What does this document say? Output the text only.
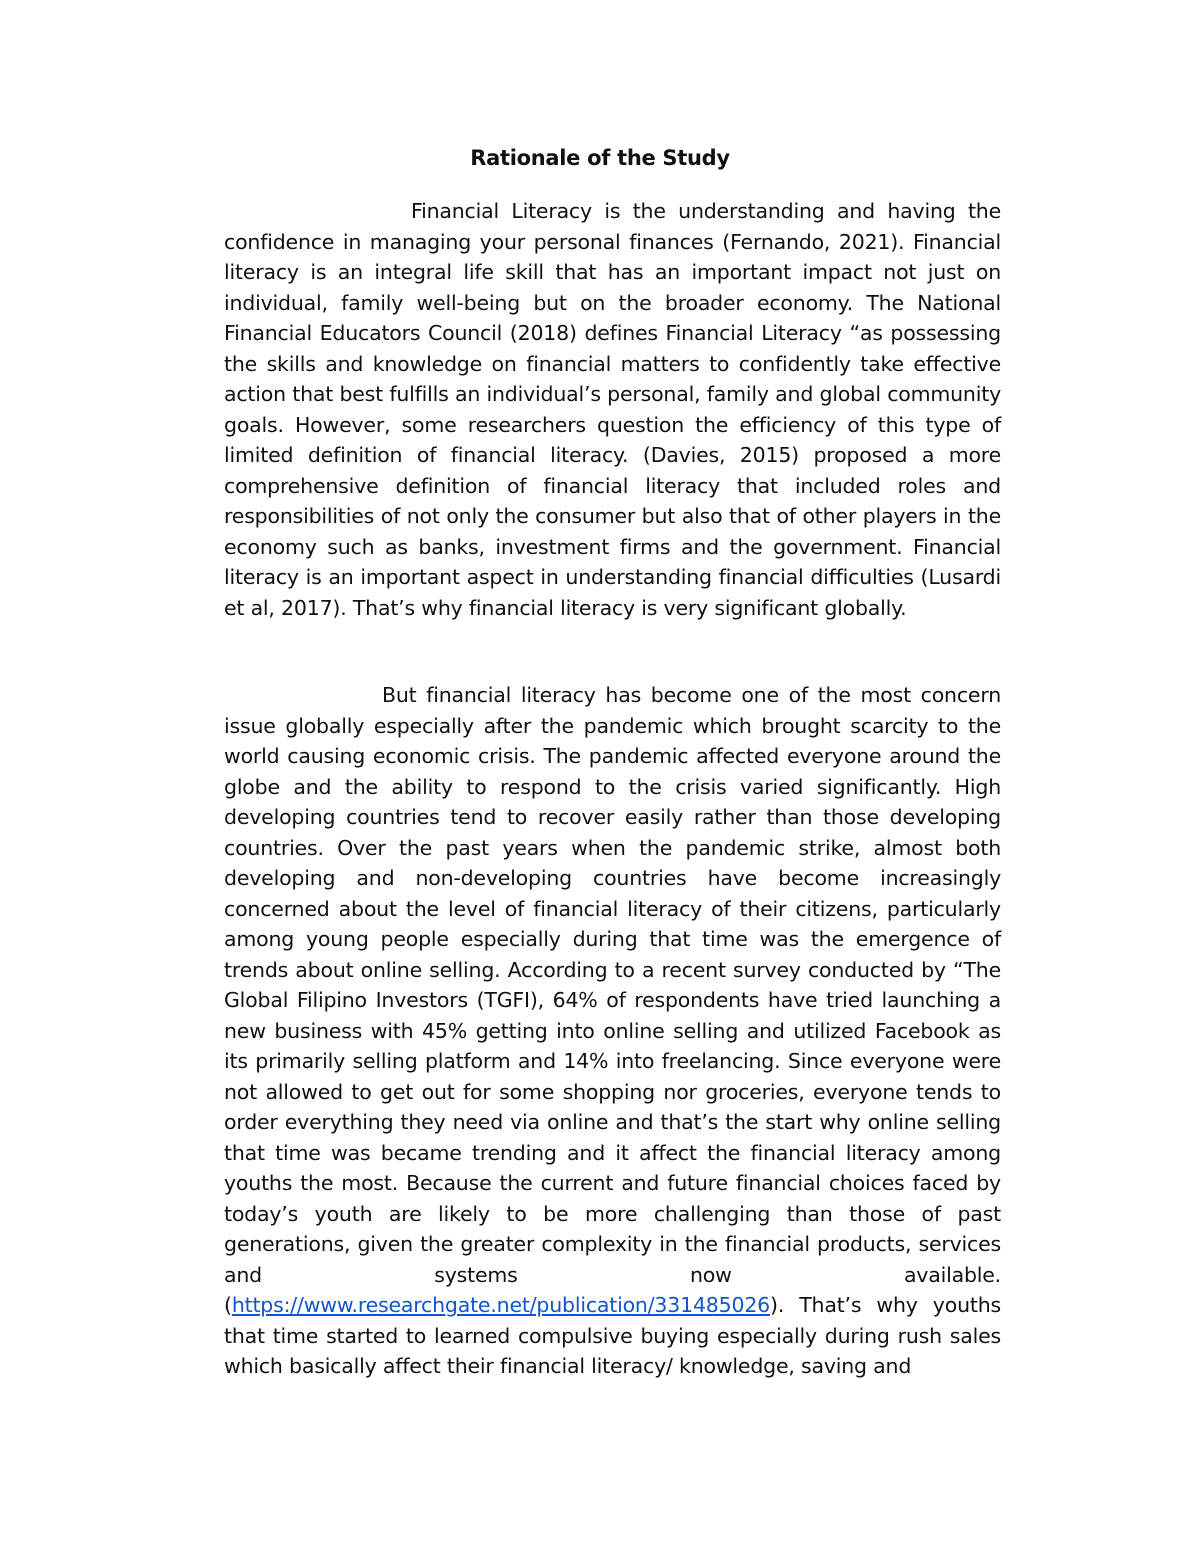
Rationale of the Study

Financial Literacy is the understanding and having the confidence in managing your personal finances (Fernando, 2021). Financial literacy is an integral life skill that has an important impact not just on individual, family well-being but on the broader economy. The National Financial Educators Council (2018) defines Financial Literacy “as possessing the skills and knowledge on financial matters to confidently take effective action that best fulfills an individual’s personal, family and global community goals. However, some researchers question the efficiency of this type of limited definition of financial literacy. (Davies, 2015) proposed a more comprehensive definition of financial literacy that included roles and responsibilities of not only the consumer but also that of other players in the economy such as banks, investment firms and the government. Financial literacy is an important aspect in understanding financial difficulties (Lusardi et al, 2017). That’s why financial literacy is very significant globally.

But financial literacy has become one of the most concern issue globally especially after the pandemic which brought scarcity to the world causing economic crisis. The pandemic affected everyone around the globe and the ability to respond to the crisis varied significantly. High developing countries tend to recover easily rather than those developing countries. Over the past years when the pandemic strike, almost both developing and non-developing countries have become increasingly concerned about the level of financial literacy of their citizens, particularly among young people especially during that time was the emergence of trends about online selling. According to a recent survey conducted by “The Global Filipino Investors (TGFI), 64% of respondents have tried launching a new business with 45% getting into online selling and utilized Facebook as its primarily selling platform and 14% into freelancing. Since everyone were not allowed to get out for some shopping nor groceries, everyone tends to order everything they need via online and that’s the start why online selling that time was became trending and it affect the financial literacy among youths the most. Because the current and future financial choices faced by today’s youth are likely to be more challenging than those of past generations, given the greater complexity in the financial products, services and systems now available. (https://www.researchgate.net/publication/331485026). That’s why youths that time started to learned compulsive buying especially during rush sales which basically affect their financial literacy/ knowledge, saving and
